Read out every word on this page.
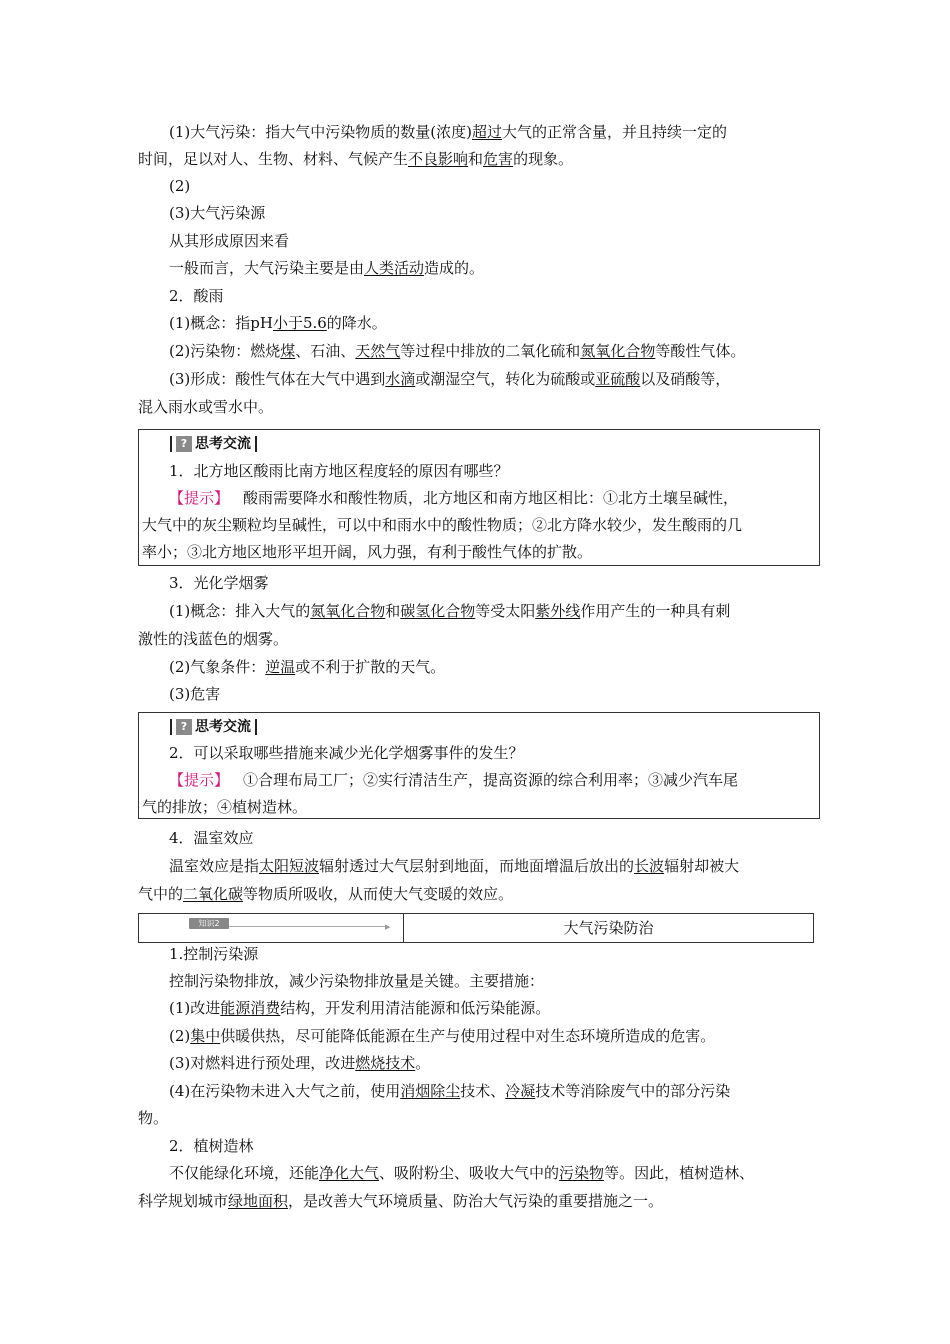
(1)大气污染：指大气中污染物质的数量(浓度)超过大气的正常含量，并且持续一定的

时间，足以对人、生物、材料、气候产生不良影响和危害的现象。

(2)

(3)大气污染源

从其形成原因来看

一般而言，大气污染主要是由人类活动造成的。

2．酸雨

(1)概念：指pH小于5.6的降水。

(2)污染物：燃烧煤、石油、天然气等过程中排放的二氧化硫和氮氧化合物等酸性气体。

(3)形成：酸性气体在大气中遇到水滴或潮湿空气，转化为硫酸或亚硫酸以及硝酸等，

混入雨水或雪水中。

? 思考交流

1．北方地区酸雨比南方地区程度轻的原因有哪些？

【提示】 酸雨需要降水和酸性物质，北方地区和南方地区相比：①北方土壤呈碱性，

大气中的灰尘颗粒均呈碱性，可以中和雨水中的酸性物质；②北方降水较少，发生酸雨的几

率小；③北方地区地形平坦开阔，风力强，有利于酸性气体的扩散。

3．光化学烟雾

(1)概念：排入大气的氮氧化合物和碳氢化合物等受太阳紫外线作用产生的一种具有刺

激性的浅蓝色的烟雾。

(2)气象条件：逆温或不利于扩散的天气。

(3)危害

? 思考交流

2．可以采取哪些措施来减少光化学烟雾事件的发生？

【提示】 ①合理布局工厂；②实行清洁生产，提高资源的综合利用率；③减少汽车尾

气的排放；④植树造林。

4．温室效应

温室效应是指太阳短波辐射透过大气层射到地面，而地面增温后放出的长波辐射却被大

气中的二氧化碳等物质所吸收，从而使大气变暖的效应。

知识2	▶	大气污染防治

1.控制污染源

控制污染物排放，减少污染物排放量是关键。主要措施：

(1)改进能源消费结构，开发利用清洁能源和低污染能源。

(2)集中供暖供热，尽可能降低能源在生产与使用过程中对生态环境所造成的危害。

(3)对燃料进行预处理，改进燃烧技术。

(4)在污染物未进入大气之前，使用消烟除尘技术、冷凝技术等消除废气中的部分污染

物。

2．植树造林

不仅能绿化环境，还能净化大气、吸附粉尘、吸收大气中的污染物等。因此，植树造林、

科学规划城市绿地面积，是改善大气环境质量、防治大气污染的重要措施之一。
